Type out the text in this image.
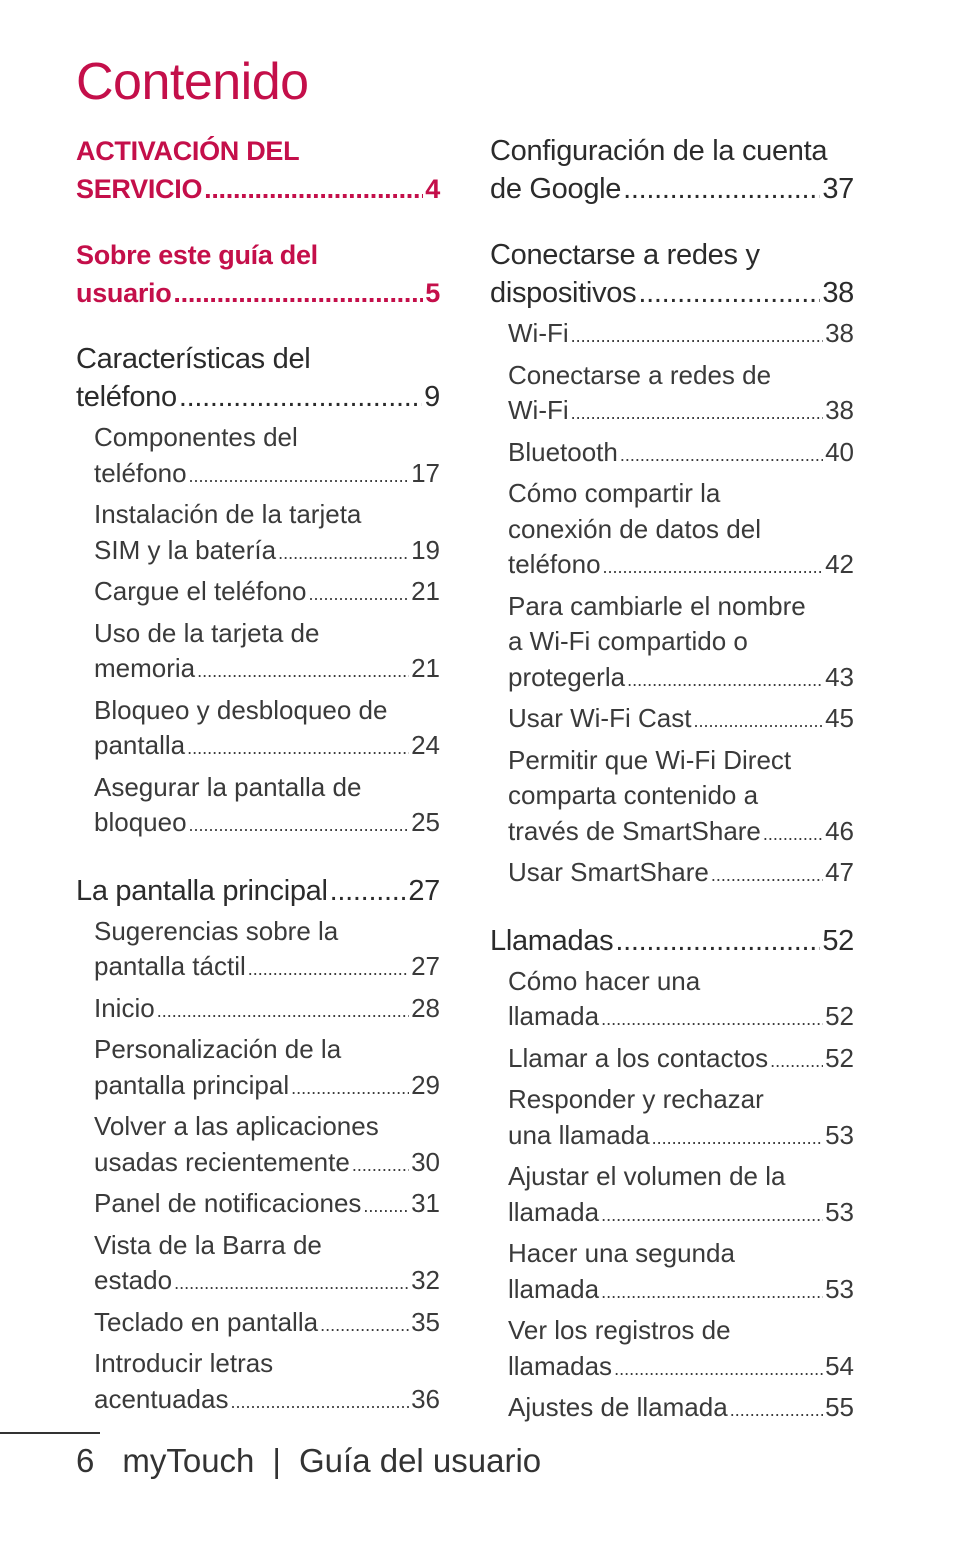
Contenido
ACTIVACIÓN DEL
SERVICIO .....	4
Sobre este guía del
usuario .....	5
Características del
teléfono .....	9
Componentes del
teléfono .....	17
Instalación de la tarjeta
SIM y la batería .....	19
Cargue el teléfono .....	21
Uso de la tarjeta de
memoria .....	21
Bloqueo y desbloqueo de
pantalla .....	24
Asegurar la pantalla de
bloqueo .....	25
La pantalla principal .....	27
Sugerencias sobre la
pantalla táctil .....	27
Inicio .....	28
Personalización de la
pantalla principal .....	29
Volver a las aplicaciones
usadas recientemente ..... 30
Panel de notificaciones ..... 31
Vista de la Barra de
estado .....	32
Teclado en pantalla .....	35
Introducir letras
acentuadas .....	36
Configuración de la cuenta
de Google .....	37
Conectarse a redes y
dispositivos .....	38
Wi-Fi .....	38
Conectarse a redes de
Wi-Fi .....	38
Bluetooth .....	40
Cómo compartir la
conexión de datos del
teléfono .....	42
Para cambiarle el nombre
a Wi-Fi compartido o
protegerla .....	43
Usar Wi-Fi Cast .....	45
Permitir que Wi-Fi Direct
comparta contenido a
través de SmartShare ..... 46
Usar SmartShare .....	47
Llamadas .....	52
Cómo hacer una
llamada .....	52
Llamar a los contactos ..... 52
Responder y rechazar
una llamada .....	53
Ajustar el volumen de la
llamada .....	53
Hacer una segunda
llamada .....	53
Ver los registros de
llamadas .....	54
Ajustes de llamada .....	55
6 myTouch | Guía del usuario
